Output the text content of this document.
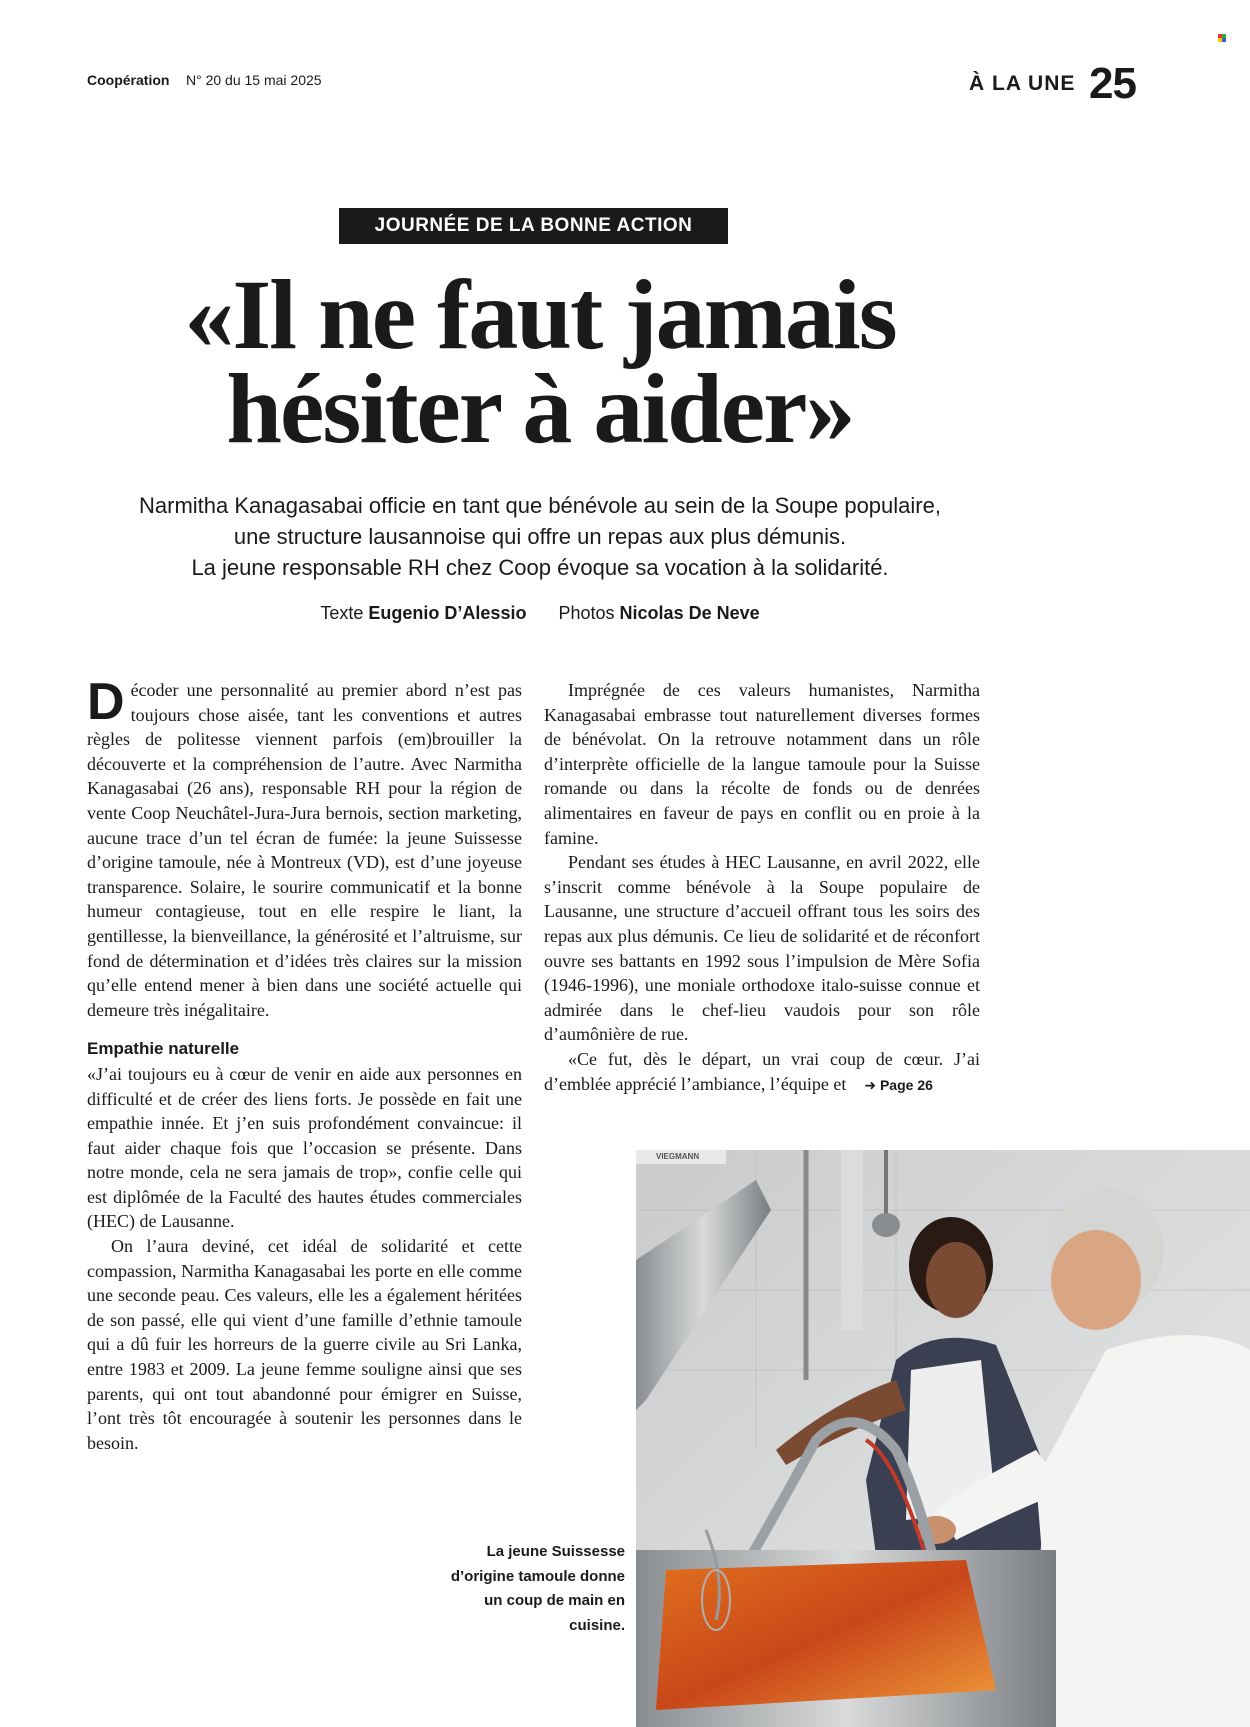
Coopération N° 20 du 15 mai 2025	À LA UNE 25
JOURNÉE DE LA BONNE ACTION
«Il ne faut jamais
hésiter à aider»
Narmitha Kanagasabai officie en tant que bénévole au sein de la Soupe populaire,
une structure lausannoise qui offre un repas aux plus démunis.
La jeune responsable RH chez Coop évoque sa vocation à la solidarité.
Texte Eugenio D’Alessio Photos Nicolas De Neve

Décoder une personnalité au premier abord n’est pas toujours chose aisée, tant les conventions et autres règles de politesse viennent parfois (em)brouiller la découverte et la compréhension de l’autre. Avec Narmitha Kanagasabai (26 ans), responsable RH pour la région de vente Coop Neuchâtel-Jura-Jura bernois, section marketing, aucune trace d’un tel écran de fumée: la jeune Suissesse d’origine tamoule, née à Montreux (VD), est d’une joyeuse transparence. Solaire, le sourire communicatif et la bonne humeur contagieuse, tout en elle respire le liant, la gentillesse, la bienveillance, la générosité et l’altruisme, sur fond de détermination et d’idées très claires sur la mission qu’elle entend mener à bien dans une société actuelle qui demeure très inégalitaire.

Empathie naturelle

«J’ai toujours eu à cœur de venir en aide aux personnes en difficulté et de créer des liens forts. Je possède en fait une empathie innée. Et j’en suis profondément convaincue: il faut aider chaque fois que l’occasion se présente. Dans notre monde, cela ne sera jamais de trop», confie celle qui est diplômée de la Faculté des hautes études commerciales (HEC) de Lausanne.

On l’aura deviné, cet idéal de solidarité et cette compassion, Narmitha Kanagasabai les porte en elle comme une seconde peau. Ces valeurs, elle les a également héritées de son passé, elle qui vient d’une famille d’ethnie tamoule qui a dû fuir les horreurs de la guerre civile au Sri Lanka, entre 1983 et 2009. La jeune femme souligne ainsi que ses parents, qui ont tout abandonné pour émigrer en Suisse, l’ont très tôt encouragée à soutenir les personnes dans le besoin.

Imprégnée de ces valeurs humanistes, Narmitha Kanagasabai embrasse tout naturellement diverses formes de bénévolat. On la retrouve notamment dans un rôle d’interprète officielle de la langue tamoule pour la Suisse romande ou dans la récolte de fonds ou de denrées alimentaires en faveur de pays en conflit ou en proie à la famine.

Pendant ses études à HEC Lausanne, en avril 2022, elle s’inscrit comme bénévole à la Soupe populaire de Lausanne, une structure d’accueil offrant tous les soirs des repas aux plus démunis. Ce lieu de solidarité et de réconfort ouvre ses battants en 1992 sous l’impulsion de Mère Sofia (1946-1996), une moniale orthodoxe italo-suisse connue et admirée dans le chef-lieu vaudois pour son rôle d’aumônière de rue.

«Ce fut, dès le départ, un vrai coup de cœur. J’ai d’emblée apprécié l’ambiance, l’équipe et ➜ Page 26

La jeune Suissesse d’origine tamoule donne un coup de main en cuisine.
VIEGMANN
